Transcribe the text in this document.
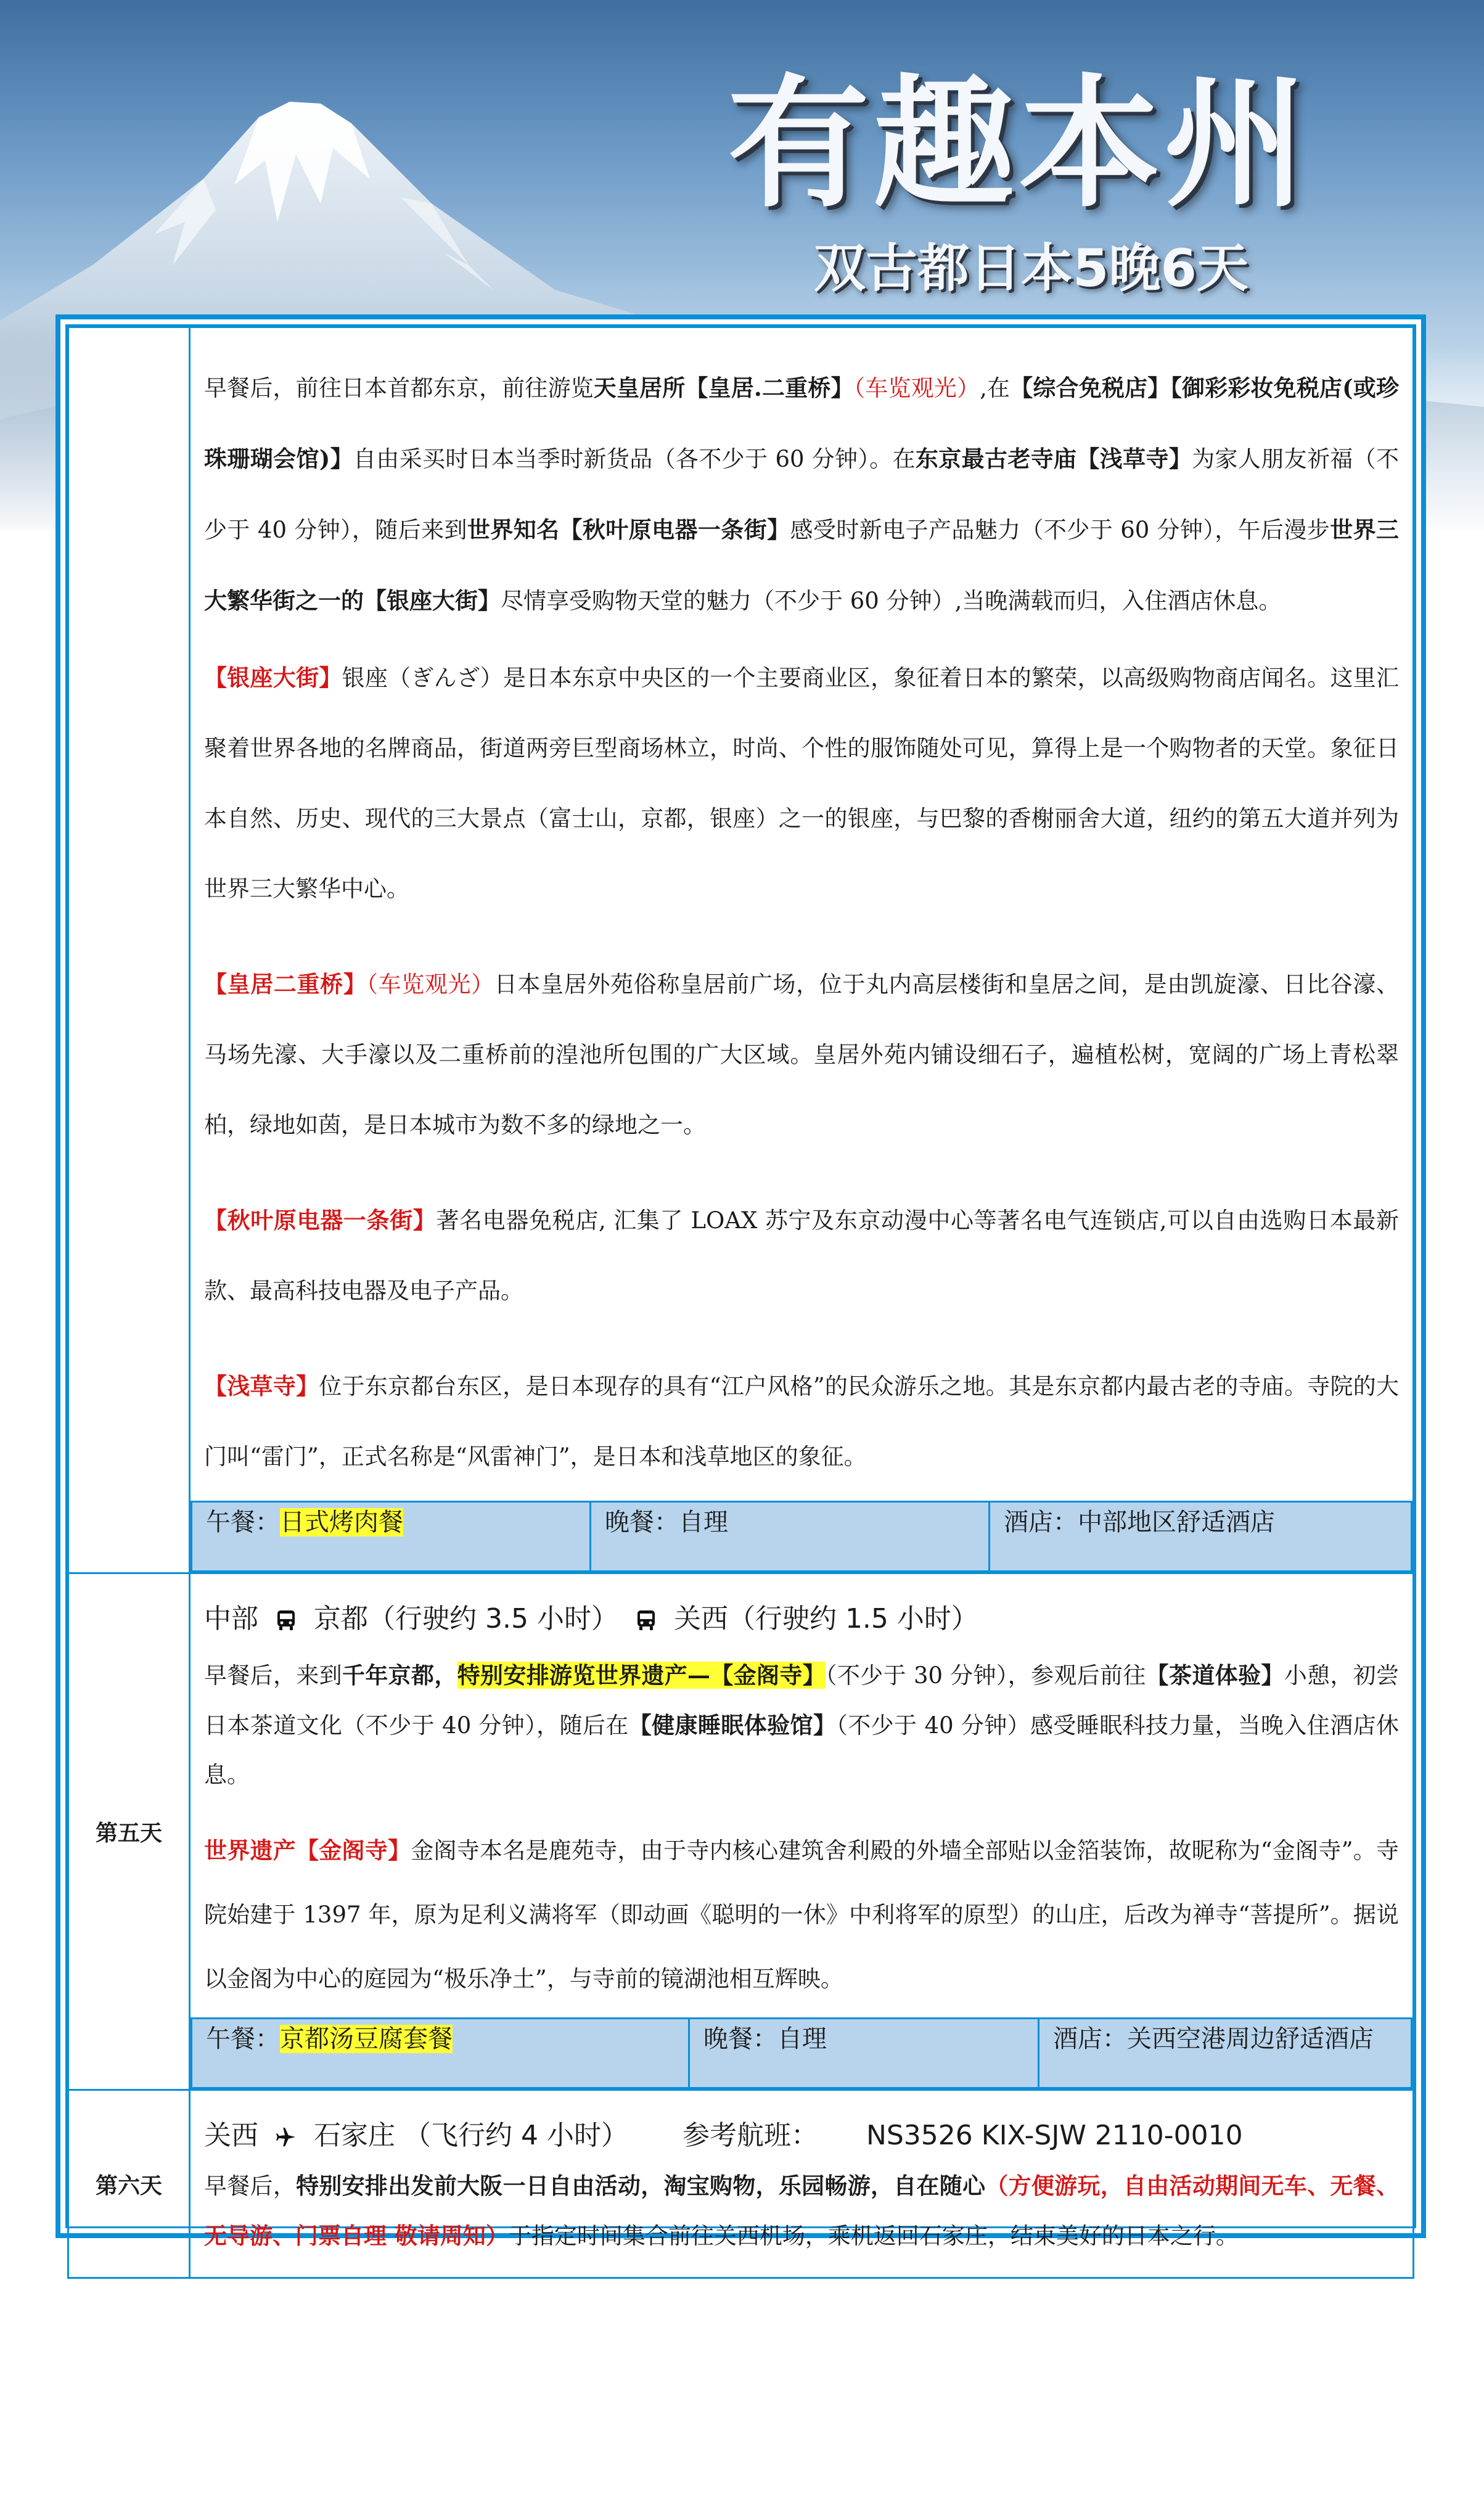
有趣本州
双古都日本5晚6天

早餐后，前往日本首都东京，前往游览天皇居所【皇居.二重桥】（车览观光）,在【综合免税店】【御彩彩妆免税店(或珍珠珊瑚会馆)】自由采买时日本当季时新货品（各不少于 60 分钟）。在东京最古老寺庙【浅草寺】为家人朋友祈福（不少于 40 分钟），随后来到世界知名【秋叶原电器一条街】感受时新电子产品魅力（不少于 60 分钟），午后漫步世界三大繁华街之一的【银座大街】尽情享受购物天堂的魅力（不少于 60 分钟）,当晚满载而归，入住酒店休息。

【银座大街】银座（ぎんざ）是日本东京中央区的一个主要商业区，象征着日本的繁荣，以高级购物商店闻名。这里汇聚着世界各地的名牌商品，街道两旁巨型商场林立，时尚、个性的服饰随处可见，算得上是一个购物者的天堂。象征日本自然、历史、现代的三大景点（富士山，京都，银座）之一的银座，与巴黎的香榭丽舍大道，纽约的第五大道并列为世界三大繁华中心。

【皇居二重桥】（车览观光）日本皇居外苑俗称皇居前广场，位于丸内高层楼街和皇居之间，是由凯旋濠、日比谷濠、马场先濠、大手濠以及二重桥前的湟池所包围的广大区域。皇居外苑内铺设细石子，遍植松树，宽阔的广场上青松翠柏，绿地如茵，是日本城市为数不多的绿地之一。

【秋叶原电器一条街】著名电器免税店, 汇集了 LOAX 苏宁及东京动漫中心等著名电气连锁店,可以自由选购日本最新款、最高科技电器及电子产品。

【浅草寺】位于东京都台东区，是日本现存的具有“江户风格”的民众游乐之地。其是东京都内最古老的寺庙。寺院的大门叫“雷门”，正式名称是“风雷神门”，是日本和浅草地区的象征。

午餐：日式烤肉餐	晚餐：自理	酒店：中部地区舒适酒店

第五天	
中部 京都（行驶约 3.5 小时） 关西（行驶约 1.5 小时）

早餐后，来到千年京都，特别安排游览世界遗产—【金阁寺】（不少于 30 分钟），参观后前往【茶道体验】小憩，初尝日本茶道文化（不少于 40 分钟），随后在【健康睡眠体验馆】（不少于 40 分钟）感受睡眠科技力量，当晚入住酒店休息。

世界遗产【金阁寺】金阁寺本名是鹿苑寺，由于寺内核心建筑舍利殿的外墙全部贴以金箔装饰，故昵称为“金阁寺”。寺院始建于 1397 年，原为足利义满将军（即动画《聪明的一休》中利将军的原型）的山庄，后改为禅寺“菩提所”。据说以金阁为中心的庭园为“极乐净土”，与寺前的镜湖池相互辉映。

午餐：京都汤豆腐套餐	晚餐：自理	酒店：关西空港周边舒适酒店

第六天	
关西 石家庄 （飞行约 4 小时） 参考航班： NS3526 KIX-SJW 2110-0010

早餐后，特别安排出发前大阪一日自由活动，淘宝购物，乐园畅游，自在随心（方便游玩，自由活动期间无车、无餐、无导游、门票自理 敬请周知）于指定时间集合前往关西机场，乘机返回石家庄，结束美好的日本之行。
